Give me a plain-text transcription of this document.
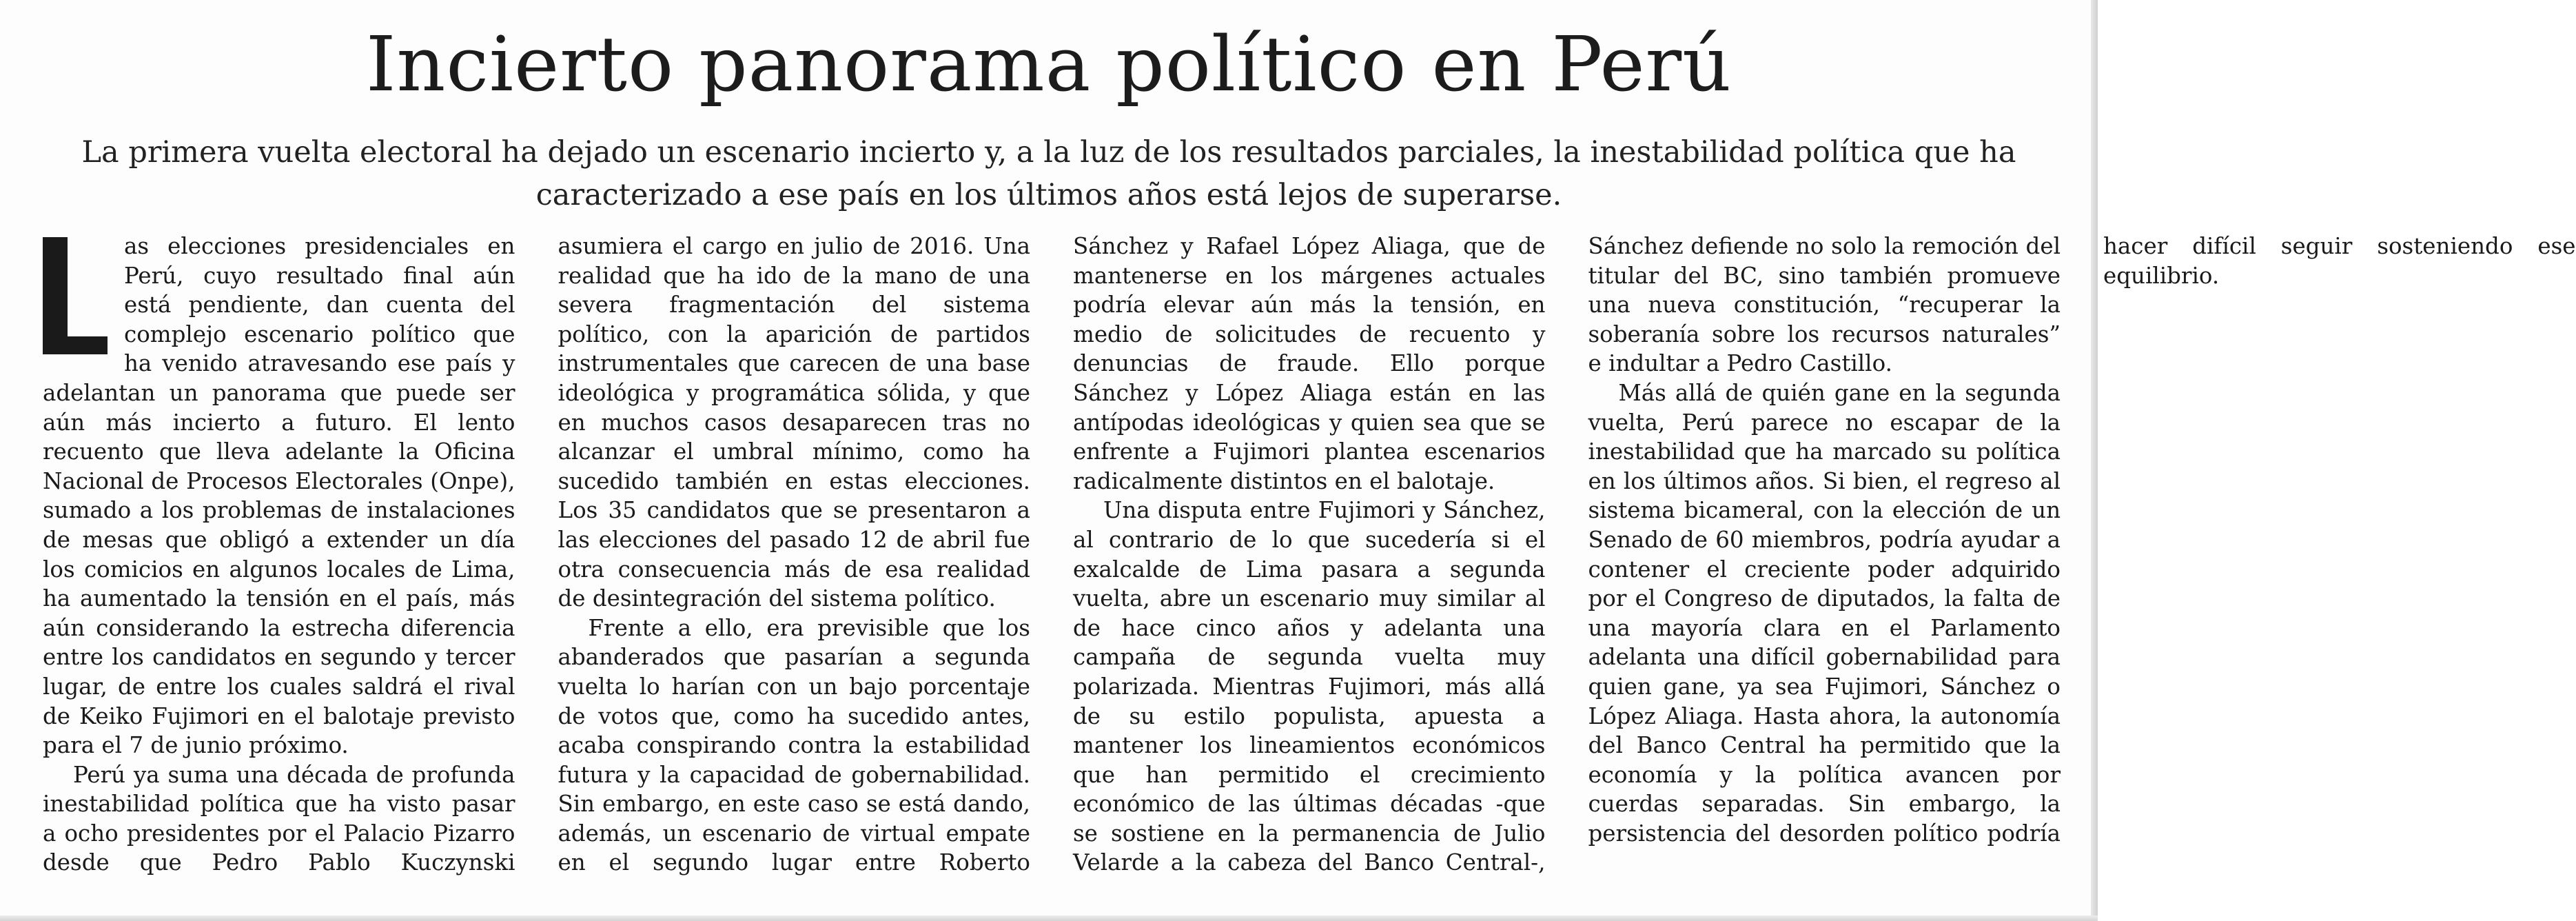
Incierto panorama político en Perú

La primera vuelta electoral ha dejado un escenario incierto y, a la luz de los resultados parciales, la inestabilidad política que ha caracterizado a ese país en los últimos años está lejos de superarse.

as elecciones presidenciales en Perú, cuyo resultado final aún está pendiente, dan cuenta del complejo escenario político que ha venido atravesando ese país y adelantan un panorama que puede ser aún más incierto a futuro. El lento recuento que lleva adelante la Oficina Nacional de Procesos Electorales (Onpe), sumado a los problemas de instalaciones de mesas que obligó a extender un día los comicios en algunos locales de Lima, ha aumentado la tensión en el país, más aún considerando la estrecha diferencia entre los candidatos en segundo y tercer lugar, de entre los cuales saldrá el rival de Keiko Fujimori en el balotaje previsto para el 7 de junio próximo.

Perú ya suma una década de profunda inestabilidad política que ha visto pasar a ocho presidentes por el Palacio Pizarro desde que Pedro Pablo Kuczynski asumiera el cargo en julio de 2016. Una realidad que ha ido de la mano de una severa fragmentación del sistema político, con la aparición de partidos instrumentales que carecen de una base ideológica y programática sólida, y que en muchos casos desaparecen tras no alcanzar el umbral mínimo, como ha sucedido también en estas elecciones. Los 35 candidatos que se presentaron a las elecciones del pasado 12 de abril fue otra consecuencia más de esa realidad de desintegración del sistema político.

Frente a ello, era previsible que los abanderados que pasarían a segunda vuelta lo harían con un bajo porcentaje de votos que, como ha sucedido antes, acaba conspirando contra la estabilidad futura y la capacidad de gobernabilidad. Sin embargo, en este caso se está dando, además, un escenario de virtual empate en el segundo lugar entre Roberto Sánchez y Rafael López Aliaga, que de mantenerse en los márgenes actuales podría elevar aún más la tensión, en medio de solicitudes de recuento y denuncias de fraude. Ello porque Sánchez y López Aliaga están en las antípodas ideológicas y quien sea que se enfrente a Fujimori plantea escenarios radicalmente distintos en el balotaje.

Una disputa entre Fujimori y Sánchez, al contrario de lo que sucedería si el exalcalde de Lima pasara a segunda vuelta, abre un escenario muy similar al de hace cinco años y adelanta una campaña de segunda vuelta muy polarizada. Mientras Fujimori, más allá de su estilo populista, apuesta a mantener los lineamientos económicos que han permitido el crecimiento económico de las últimas décadas -que se sostiene en la permanencia de Julio Velarde a la cabeza del Banco Central-, Sánchez defiende no solo la remoción del titular del BC, sino también promueve una nueva constitución, “recuperar la soberanía sobre los recursos naturales” e indultar a Pedro Castillo.

Más allá de quién gane en la segunda vuelta, Perú parece no escapar de la inestabilidad que ha marcado su política en los últimos años. Si bien, el regreso al sistema bicameral, con la elección de un Senado de 60 miembros, podría ayudar a contener el creciente poder adquirido por el Congreso de diputados, la falta de una mayoría clara en el Parlamento adelanta una difícil gobernabilidad para quien gane, ya sea Fujimori, Sánchez o López Aliaga. Hasta ahora, la autonomía del Banco Central ha permitido que la economía y la política avancen por cuerdas separadas. Sin embargo, la persistencia del desorden político podría hacer difícil seguir sosteniendo ese equilibrio.
